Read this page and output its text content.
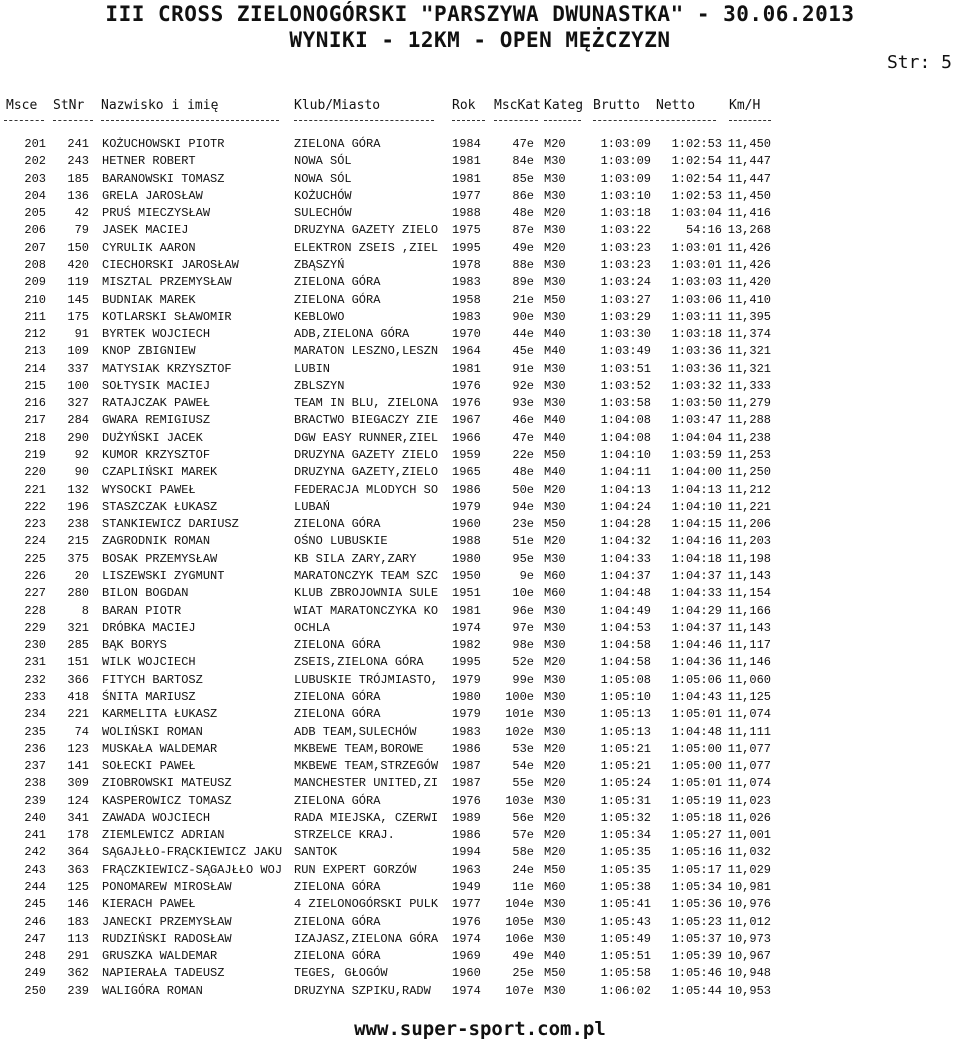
III CROSS ZIELONOGÓRSKI "PARSZYWA DWUNASTKA" - 30.06.2013
WYNIKI - 12KM - OPEN MĘŻCZYZN
Str: 5
Msce StNr Nazwisko i imię	Klub/Miasto	Rok MscKat Kateg Brutto Netto	Km/H
201 241 KOŻUCHOWSKI PIOTR	ZIELONA GÓRA	1984	47e M20	1:03:09 1:02:53 11,450
202 243 HETNER ROBERT	NOWA SÓL	1981	84e M30	1:03:09 1:02:54 11,447
203 185 BARANOWSKI TOMASZ	NOWA SÓL	1981	85e M30	1:03:09 1:02:54 11,447
204 136 GRELA JAROSŁAW	KOŻUCHÓW	1977	86e M30	1:03:10 1:02:53 11,450
205 42 PRUŚ MIECZYSŁAW	SULECHÓW	1988	48e M20	1:03:18 1:03:04 11,416
206 79 JASEK MACIEJ	DRUZYNA GAZETY ZIELO 1975	87e M30	1:03:22	54:16 13,268
207 150 CYRULIK AARON	ELEKTRON ZSEIS ,ZIEL 1995	49e M20	1:03:23 1:03:01 11,426
208 420 CIECHORSKI JAROSŁAW	ZBĄSZYŃ	1978	88e M30	1:03:23 1:03:01 11,426
209 119 MISZTAL PRZEMYSŁAW	ZIELONA GÓRA	1983	89e M30	1:03:24 1:03:03 11,420
210 145 BUDNIAK MAREK	ZIELONA GÓRA	1958	21e M50	1:03:27 1:03:06 11,410
211 175 KOTLARSKI SŁAWOMIR	KEBLOWO	1983	90e M30	1:03:29 1:03:11 11,395
212 91 BYRTEK WOJCIECH	ADB,ZIELONA GÓRA	1970	44e M40	1:03:30 1:03:18 11,374
213 109 KNOP ZBIGNIEW	MARATON LESZNO,LESZN 1964	45e M40	1:03:49 1:03:36 11,321
214 337 MATYSIAK KRZYSZTOF	LUBIN	1981	91e M30	1:03:51 1:03:36 11,321
215 100 SOŁTYSIK MACIEJ	ZBLSZYN	1976	92e M30	1:03:52 1:03:32 11,333
216 327 RATAJCZAK PAWEŁ	TEAM IN BLU, ZIELONA 1976	93e M30	1:03:58 1:03:50 11,279
217 284 GWARA REMIGIUSZ	BRACTWO BIEGACZY ZIE 1967	46e M40	1:04:08 1:03:47 11,288
218 290 DUŻYŃSKI JACEK	DGW EASY RUNNER,ZIEL 1966	47e M40	1:04:08 1:04:04 11,238
219 92 KUMOR KRZYSZTOF	DRUZYNA GAZETY ZIELO 1959	22e M50	1:04:10 1:03:59 11,253
220 90 CZAPLIŃSKI MAREK	DRUZYNA GAZETY,ZIELO 1965	48e M40	1:04:11 1:04:00 11,250
221 132 WYSOCKI PAWEŁ	FEDERACJA MLODYCH SO 1986	50e M20	1:04:13 1:04:13 11,212
222 196 STASZCZAK ŁUKASZ	LUBAŃ	1979	94e M30	1:04:24 1:04:10 11,221
223 238 STANKIEWICZ DARIUSZ	ZIELONA GÓRA	1960	23e M50	1:04:28 1:04:15 11,206
224 215 ZAGRODNIK ROMAN	OŚNO LUBUSKIE	1988	51e M20	1:04:32 1:04:16 11,203
225 375 BOSAK PRZEMYSŁAW	KB SILA ZARY,ZARY	1980	95e M30	1:04:33 1:04:18 11,198
226 20 LISZEWSKI ZYGMUNT	MARATONCZYK TEAM SZC 1950	9e M60	1:04:37 1:04:37 11,143
227 280 BILON BOGDAN	KLUB ZBROJOWNIA SULE 1951	10e M60	1:04:48 1:04:33 11,154
228	8 BARAN PIOTR	WIAT MARATONCZYKA KO 1981	96e M30	1:04:49 1:04:29 11,166
229 321 DRÓBKA MACIEJ	OCHLA	1974	97e M30	1:04:53 1:04:37 11,143
230 285 BĄK BORYS	ZIELONA GÓRA	1982	98e M30	1:04:58 1:04:46 11,117
231 151 WILK WOJCIECH	ZSEIS,ZIELONA GÓRA 1995	52e M20	1:04:58 1:04:36 11,146
232 366 FITYCH BARTOSZ	LUBUSKIE TRÓJMIASTO, 1979	99e M30	1:05:08 1:05:06 11,060
233 418 ŚNITA MARIUSZ	ZIELONA GÓRA	1980 100e M30	1:05:10 1:04:43 11,125
234 221 KARMELITA ŁUKASZ	ZIELONA GÓRA	1979 101e M30	1:05:13 1:05:01 11,074
235 74 WOLIŃSKI ROMAN	ADB TEAM,SULECHÓW	1983 102e M30	1:05:13 1:04:48 11,111
236 123 MUSKAŁA WALDEMAR	MKBEWE TEAM,BOROWE 1986	53e M20	1:05:21 1:05:00 11,077
237 141 SOŁECKI PAWEŁ	MKBEWE TEAM,STRZEGÓW 1987	54e M20	1:05:21 1:05:00 11,077
238 309 ZIOBROWSKI MATEUSZ	MANCHESTER UNITED,ZI 1987	55e M20	1:05:24 1:05:01 11,074
239 124 KASPEROWICZ TOMASZ	ZIELONA GÓRA	1976 103e M30	1:05:31 1:05:19 11,023
240 341 ZAWADA WOJCIECH	RADA MIEJSKA, CZERWI 1989	56e M20	1:05:32 1:05:18 11,026
241 178 ZIEMLEWICZ ADRIAN	STRZELCE KRAJ.	1986	57e M20	1:05:34 1:05:27 11,001
242 364 SĄGAJŁŁO-FRĄCKIEWICZ JAKU SANTOK	1994	58e M20	1:05:35 1:05:16 11,032
243 363 FRĄCZKIEWICZ-SĄGAJŁŁO WOJ RUN EXPERT GORZÓW	1963	24e M50	1:05:35 1:05:17 11,029
244 125 PONOMAREW MIROSŁAW	ZIELONA GÓRA	1949	11e M60	1:05:38 1:05:34 10,981
245 146 KIERACH PAWEŁ	4 ZIELONOGÓRSKI PULK 1977 104e M30	1:05:41 1:05:36 10,976
246 183 JANECKI PRZEMYSŁAW	ZIELONA GÓRA	1976 105e M30	1:05:43 1:05:23 11,012
247 113 RUDZIŃSKI RADOSŁAW	IZAJASZ,ZIELONA GÓRA 1974 106e M30	1:05:49 1:05:37 10,973
248 291 GRUSZKA WALDEMAR	ZIELONA GÓRA	1969	49e M40	1:05:51 1:05:39 10,967
249 362 NAPIERAŁA TADEUSZ	TEGES, GŁOGÓW	1960	25e M50	1:05:58 1:05:46 10,948
250 239 WALIGÓRA ROMAN	DRUZYNA SZPIKU,RADW 1974 107e M30	1:06:02 1:05:44 10,953
www.super-sport.com.pl
